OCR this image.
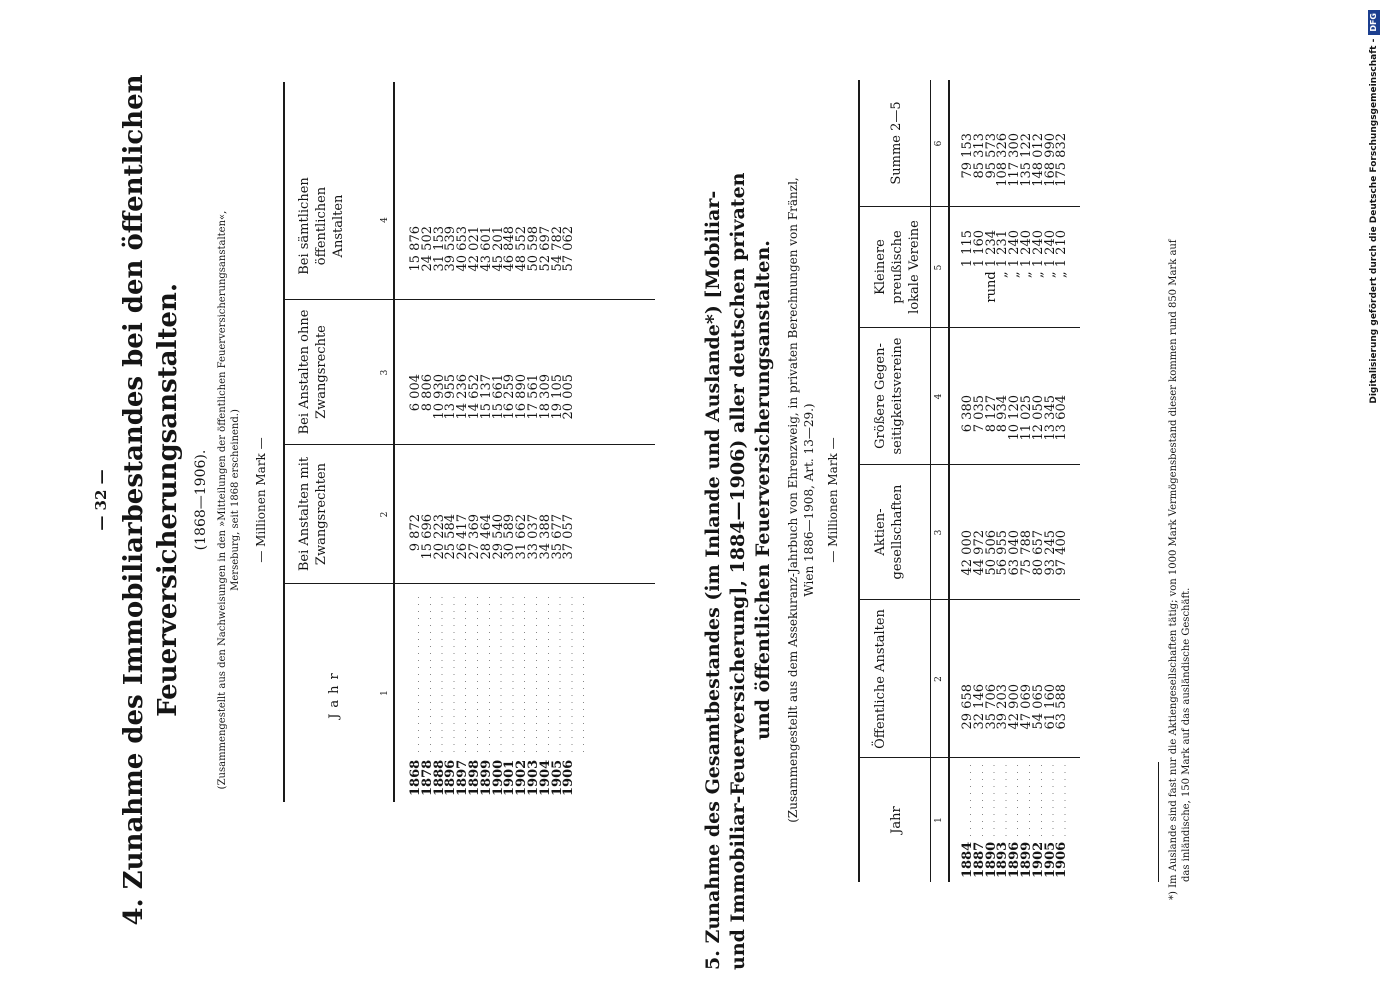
— 32 — 4. Zunahme des Immobiliarbestandes bei den öffentlichen Feuerversicherungsanstalten. (1868—1906). (Zusammengestellt aus den Nachweisungen in den »Mitteilungen der öffentlichen Feuerversicherungsanstalten«, Merseburg, seit 1868 erscheinend.) — Millionen Mark —
Jahr
Bei Anstalten mit Zwangsrechten
Bei Anstalten ohne Zwangsrechte
Bei sämtlichen öffentlichen Anstalten
1
2
3
4
1868
1878
1888
1896
1897
1898
1899
1900
1901
1902
1903
1904
1905
1906
9 872
15 696
20 223
25 584
26 417
27 369
28 464
29 540
30 589
31 662
33 037
34 388
35 677
37 057
6 004
8 806
10 930
13 955
14 236
14 652
15 137
15 661
16 259
16 890
17 561
18 309
19 105
20 005
15 876
24 502
31 153
39 539
40 653
42 021
43 601
45 201
46 848
48 552
50 598
52 697
54 782
57 062	5. Zunahme des Gesamtbestandes (im Inlande und Auslande*) [Mobiliar- und Immobiliar-Feuerversicherung], 1884—1906) aller deutschen privaten und öffentlichen Feuerversicherungsanstalten. (Zusammengestellt aus dem Assekuranz-Jahrbuch von Ehrenzweig, in privaten Berechnungen von Fränzl, Wien 1886—1908, Art. 13—29.) — Millionen Mark —
Jahr
Öffentliche Anstalten
Aktien-gesellschaften
Größere Gegen-seitigkeitsvereine
Kleinere preußische lokale Vereine
Summe 2—5
1
2
3
4
5
6
1884
1887
1890
1893
1896
1899
1902
1905
1906
29 658
32 146
35 706
39 203
42 900
47 069
54 065
61 160
63 588
42 000
44 972
50 506
56 955
63 040
75 788
80 657
93 245
97 400
6 380
7 035
8 127
8 934
10 120
11 025
12 050
13 345
13 604
1 115
1 160
rund 1 234
„ 1 231
„ 1 240
„ 1 240
„ 1 240
„ 1 240
„ 1 210
79 153
85 313
95 573
108 326
117 300
135 122
148 012
168 990
175 832
*) Im Auslande sind fast nur die Aktiengesellschaften tätig; von 1000 Mark Vermögensbestand dieser kommen rund 850 Mark auf das inländische, 150 Mark auf das ausländische Geschäft.
Digitalisierung gefördert durch die Deutsche Forschungsgemeinschaft -DFG
